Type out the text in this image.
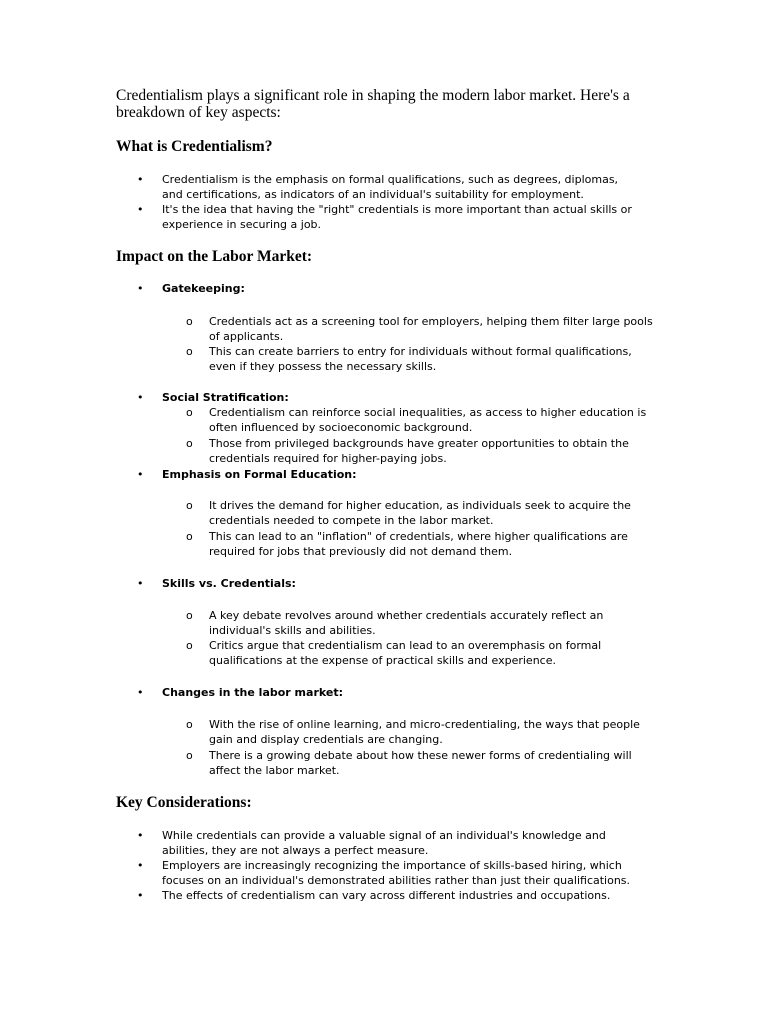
Credentialism plays a significant role in shaping the modern labor market. Here's a breakdown of key aspects:
What is Credentialism?
• Credentialism is the emphasis on formal qualifications, such as degrees, diplomas, and certifications, as indicators of an individual's suitability for employment.
• It's the idea that having the "right" credentials is more important than actual skills or experience in securing a job.
Impact on the Labor Market:
• Gatekeeping:
o Credentials act as a screening tool for employers, helping them filter large pools of applicants.
o This can create barriers to entry for individuals without formal qualifications, even if they possess the necessary skills.
• Social Stratification:
o Credentialism can reinforce social inequalities, as access to higher education is often influenced by socioeconomic background.
o Those from privileged backgrounds have greater opportunities to obtain the credentials required for higher-paying jobs.
• Emphasis on Formal Education:
o It drives the demand for higher education, as individuals seek to acquire the credentials needed to compete in the labor market.
o This can lead to an "inflation" of credentials, where higher qualifications are required for jobs that previously did not demand them.
• Skills vs. Credentials:
o A key debate revolves around whether credentials accurately reflect an individual's skills and abilities.
o Critics argue that credentialism can lead to an overemphasis on formal qualifications at the expense of practical skills and experience.
• Changes in the labor market:
o With the rise of online learning, and micro-credentialing, the ways that people gain and display credentials are changing.
o There is a growing debate about how these newer forms of credentialing will affect the labor market.
Key Considerations:
• While credentials can provide a valuable signal of an individual's knowledge and abilities, they are not always a perfect measure.
• Employers are increasingly recognizing the importance of skills-based hiring, which focuses on an individual's demonstrated abilities rather than just their qualifications.
• The effects of credentialism can vary across different industries and occupations.
